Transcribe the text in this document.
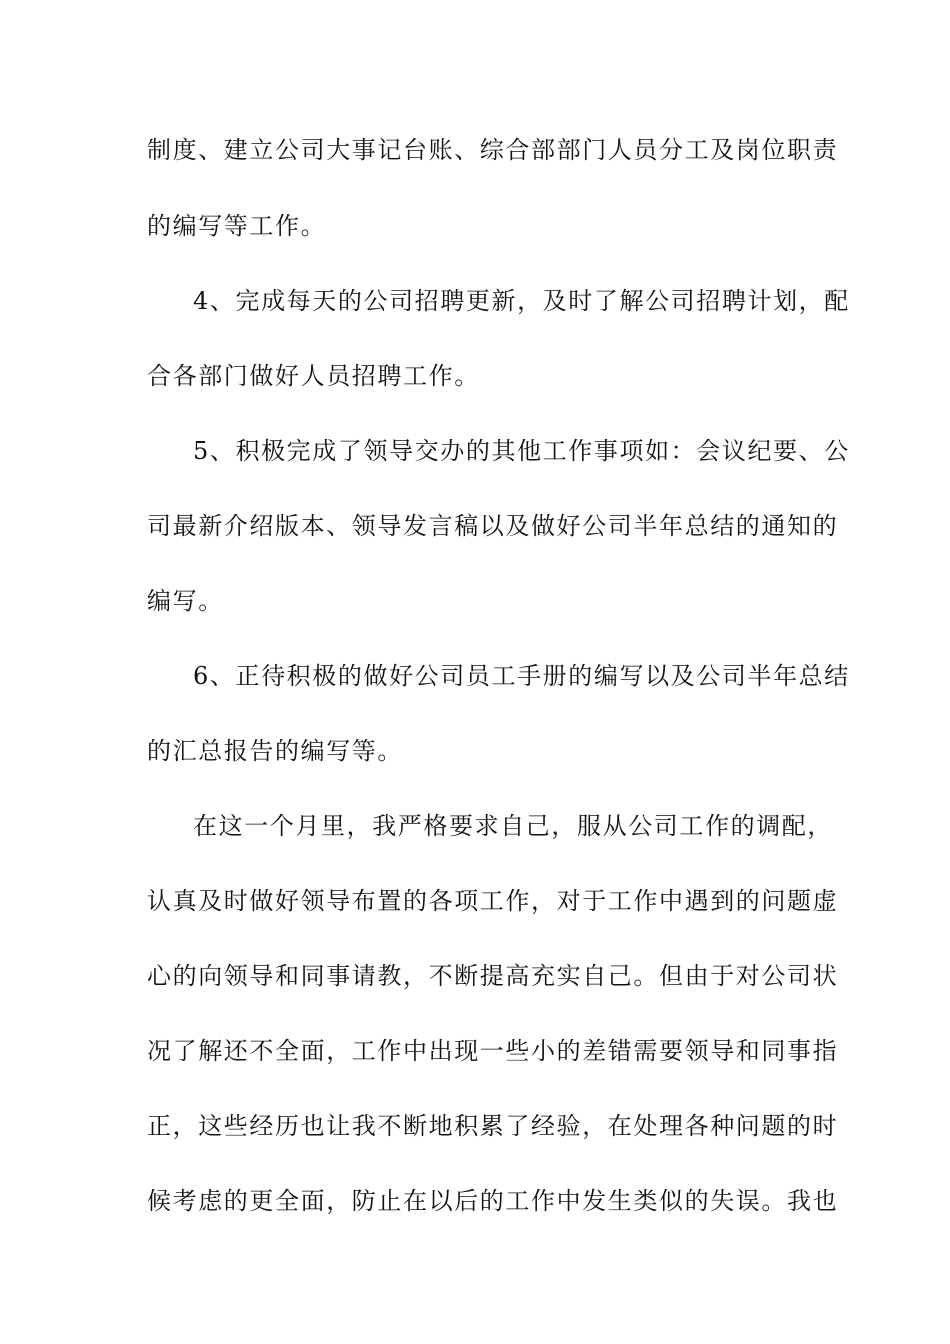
制度、建立公司大事记台账、综合部部门人员分工及岗位职责
的编写等工作。
4、完成每天的公司招聘更新，及时了解公司招聘计划，配
合各部门做好人员招聘工作。
5、积极完成了领导交办的其他工作事项如：会议纪要、公
司最新介绍版本、领导发言稿以及做好公司半年总结的通知的
编写。
6、正待积极的做好公司员工手册的编写以及公司半年总结
的汇总报告的编写等。
在这一个月里，我严格要求自己，服从公司工作的调配，
认真及时做好领导布置的各项工作，对于工作中遇到的问题虚
心的向领导和同事请教，不断提高充实自己。但由于对公司状
况了解还不全面，工作中出现一些小的差错需要领导和同事指
正，这些经历也让我不断地积累了经验，在处理各种问题的时
候考虑的更全面，防止在以后的工作中发生类似的失误。我也
